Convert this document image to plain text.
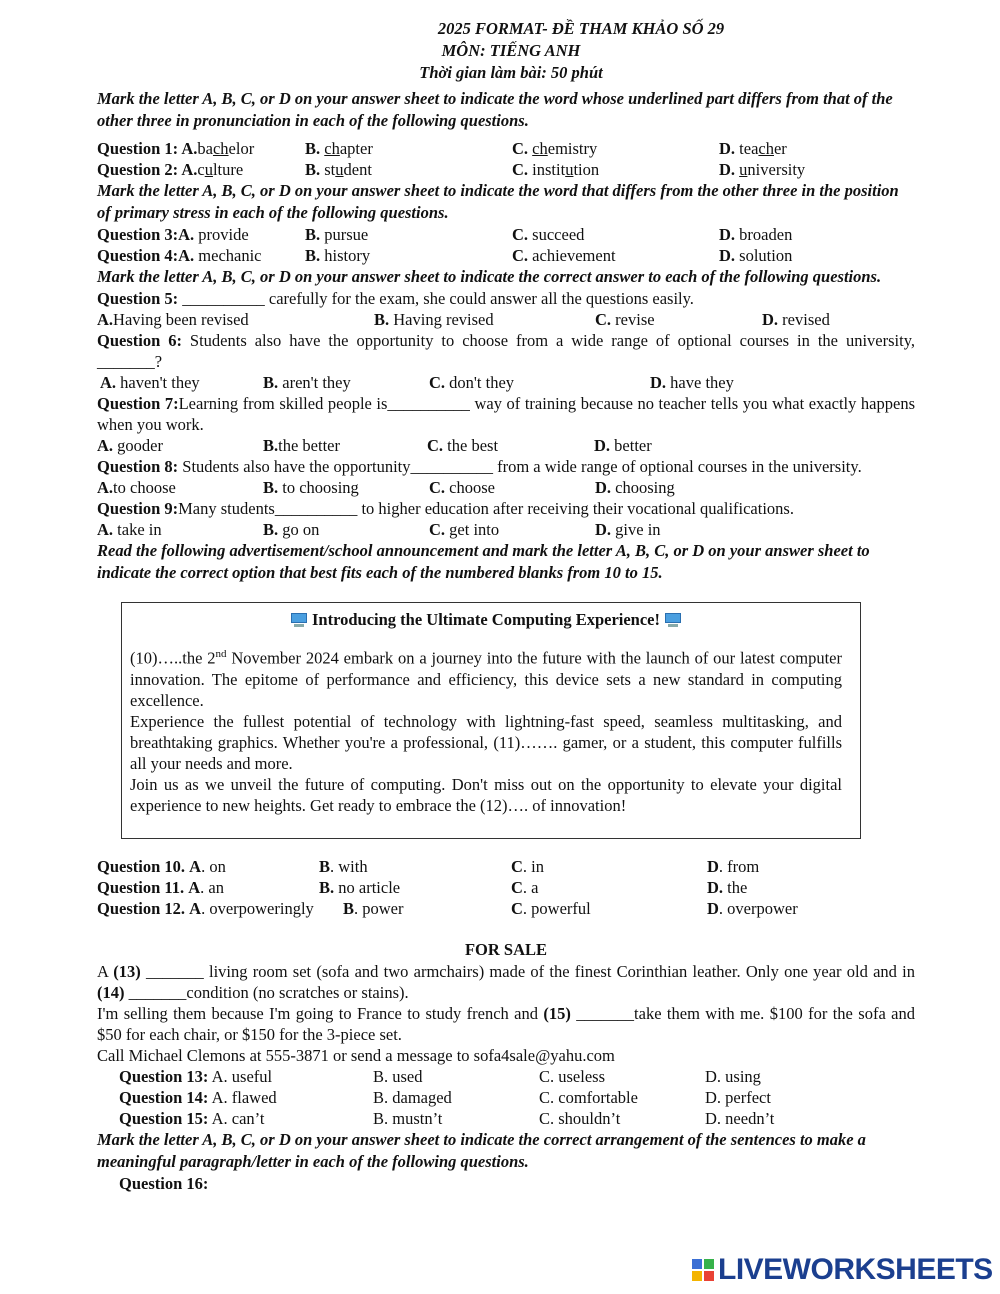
2025 FORMAT- ĐỀ THAM KHẢO SỐ 29
MÔN: TIẾNG ANH
Thời gian làm bài: 50 phút
Mark the letter A, B, C, or D on your answer sheet to indicate the word whose underlined part differs from that of the other three in pronunciation in each of the following questions.
Question 1: A.bachelor	B. chapter	C. chemistry	D. teacher
Question 2: A.culture	B. student	C. institution	D. university
Mark the letter A, B, C, or D on your answer sheet to indicate the word that differs from the other three in the position of primary stress in each of the following questions.
Question 3:A. provide	B. pursue	C. succeed	D. broaden
Question 4:A. mechanic	B. history	C. achievement	D. solution
Mark the letter A, B, C, or D on your answer sheet to indicate the correct answer to each of the following questions.
Question 5: __________ carefully for the exam, she could answer all the questions easily.
A.Having been revised	B. Having revised	C. revise	D. revised
Question 6: Students also have the opportunity to choose from a wide range of optional courses in the university, _______?
A. haven't they	B. aren't they	C. don't they	D. have they
Question 7:Learning from skilled people is__________ way of training because no teacher tells you what exactly happens when you work.
A. gooder	B.the better	C. the best	D. better
Question 8: Students also have the opportunity__________ from a wide range of optional courses in the university.
A.to choose	B. to choosing	C. choose	D. choosing
Question 9:Many students__________ to higher education after receiving their vocational qualifications.
A. take in	B. go on	C. get into	D. give in
Read the following advertisement/school announcement and mark the letter A, B, C, or D on your answer sheet to indicate the correct option that best fits each of the numbered blanks from 10 to 15.
Introducing the Ultimate Computing Experience!
(10)…..the 2nd November 2024 embark on a journey into the future with the launch of our latest computer innovation. The epitome of performance and efficiency, this device sets a new standard in computing excellence.
Experience the fullest potential of technology with lightning-fast speed, seamless multitasking, and breathtaking graphics. Whether you're a professional, (11)……. gamer, or a student, this computer fulfills all your needs and more.
Join us as we unveil the future of computing. Don't miss out on the opportunity to elevate your digital experience to new heights. Get ready to embrace the (12)…. of innovation!
Question 10. A. on	B. with	C. in	D. from
Question 11. A. an	B. no article	C. a	D. the
Question 12. A. overpoweringly	B. power	C. powerful	D. overpower
FOR SALE
A (13) _______ living room set (sofa and two armchairs) made of the finest Corinthian leather. Only one year old and in (14) _______condition (no scratches or stains).
I'm selling them because I'm going to France to study french and (15) _______take them with me. $100 for the sofa and $50 for each chair, or $150 for the 3-piece set.
Call Michael Clemons at 555-3871 or send a message to sofa4sale@yahu.com
Question 13: A. useful	B. used	C. useless	D. using
Question 14: A. flawed	B. damaged	C. comfortable	D. perfect
Question 15: A. can’t	B. mustn’t	C. shouldn’t	D. needn’t
Mark the letter A, B, C, or D on your answer sheet to indicate the correct arrangement of the sentences to make a meaningful paragraph/letter in each of the following questions.
Question 16:
LIVEWORKSHEETS
